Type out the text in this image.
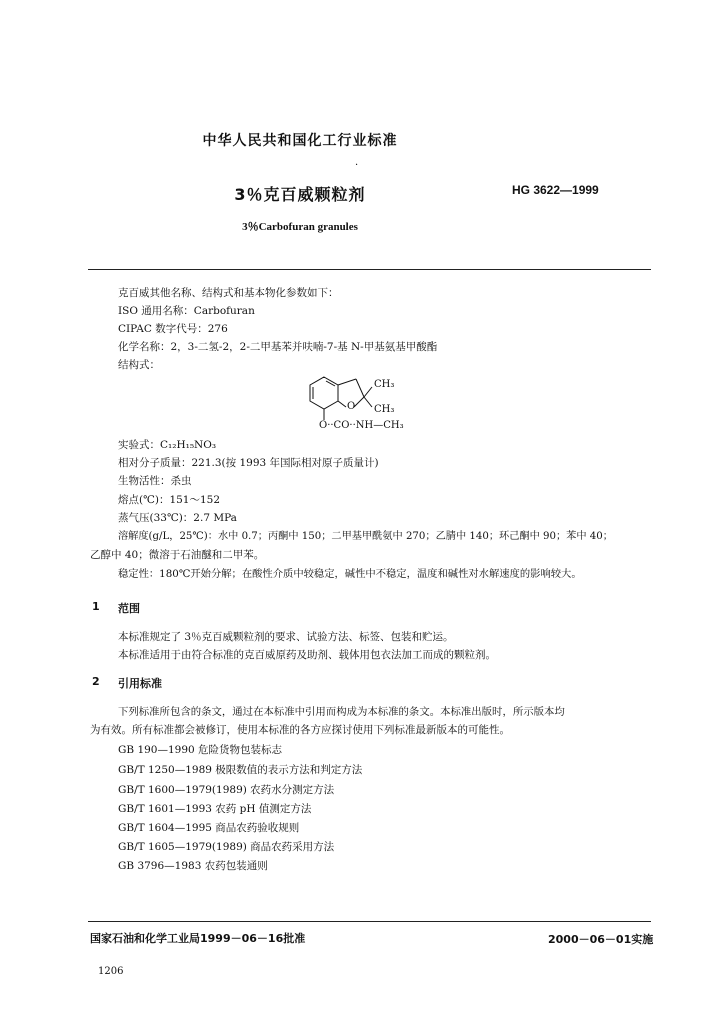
·
中华人民共和国化工行业标准
3％克百威颗粒剂	HG 3622—1999
3％Carbofuran granules
克百威其他名称、结构式和基本物化参数如下：
ISO 通用名称：Carbofuran
CIPAC 数字代号：276
化学名称：2，3-二氢-2，2-二甲基苯并呋喃-7-基 N-甲基氨基甲酸酯
结构式：
CH₃
CH₃
O
O··CO··NH—CH₃
实验式：C₁₂H₁₅NO₃
相对分子质量：221.3(按 1993 年国际相对原子质量计)
生物活性：杀虫
熔点(℃)：151～152
蒸气压(33℃)：2.7 MPa
溶解度(g/L，25℃)：水中 0.7；丙酮中 150；二甲基甲酰氨中 270；乙腈中 140；环己酮中 90；苯中 40；
乙醇中 40；微溶于石油醚和二甲苯。
稳定性：180℃开始分解；在酸性介质中较稳定，碱性中不稳定，温度和碱性对水解速度的影响较大。
1 范围
本标准规定了 3％克百威颗粒剂的要求、试验方法、标签、包装和贮运。
本标准适用于由符合标准的克百威原药及助剂、载体用包衣法加工而成的颗粒剂。
2 引用标准
下列标准所包含的条文，通过在本标准中引用而构成为本标准的条文。本标准出版时，所示版本均
为有效。所有标准都会被修订，使用本标准的各方应探讨使用下列标准最新版本的可能性。
GB 190—1990 危险货物包装标志
GB/T 1250—1989 极限数值的表示方法和判定方法
GB/T 1600—1979(1989) 农药水分测定方法
GB/T 1601—1993 农药 pH 值测定方法
GB/T 1604—1995 商品农药验收规则
GB/T 1605—1979(1989) 商品农药采用方法
GB 3796—1983 农药包装通则
国家石油和化学工业局1999－06－16批准	2000－06－01实施
1206
